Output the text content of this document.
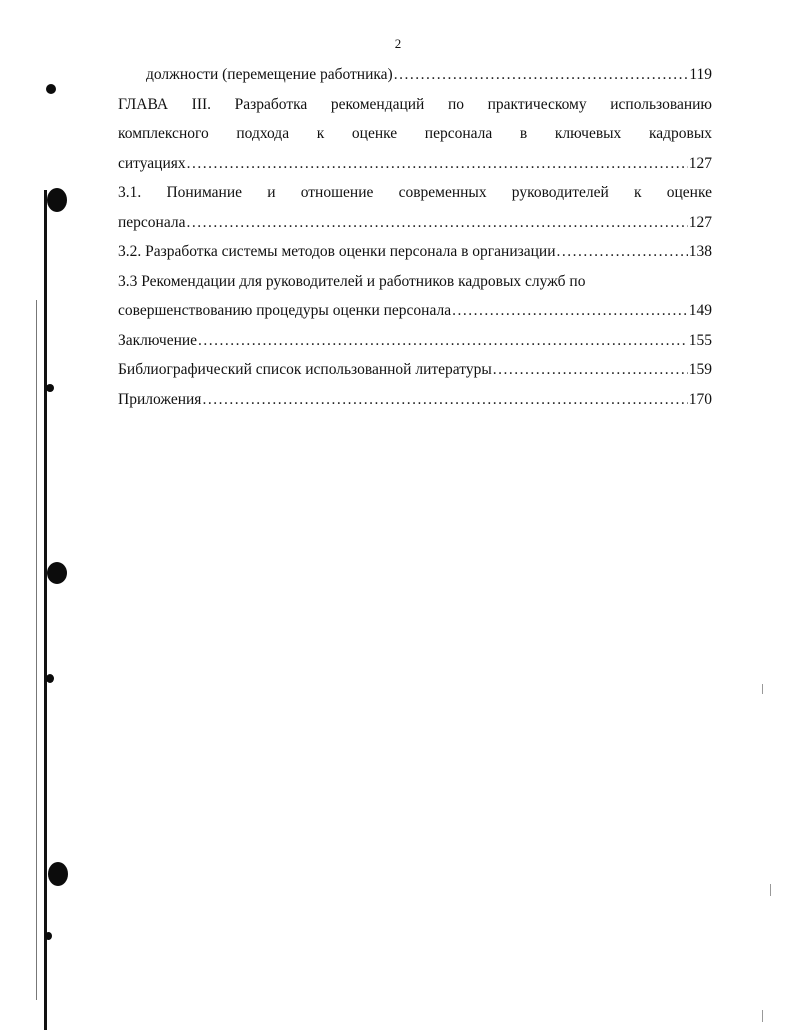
2
должности (перемещение работника) .....	119
ГЛАВА III. Разработка рекомендаций по практическому использованию
комплексного подхода к оценке персонала в ключевых кадровых
ситуациях .....	127
3.1. Понимание и отношение современных руководителей к оценке
персонала .....	127
3.2. Разработка системы методов оценки персонала в организации .....	138
3.3 Рекомендации для руководителей и работников кадровых служб по
совершенствованию процедуры оценки персонала .....	149
Заключение .....	155
Библиографический список использованной литературы .....	159
Приложения .....	170
